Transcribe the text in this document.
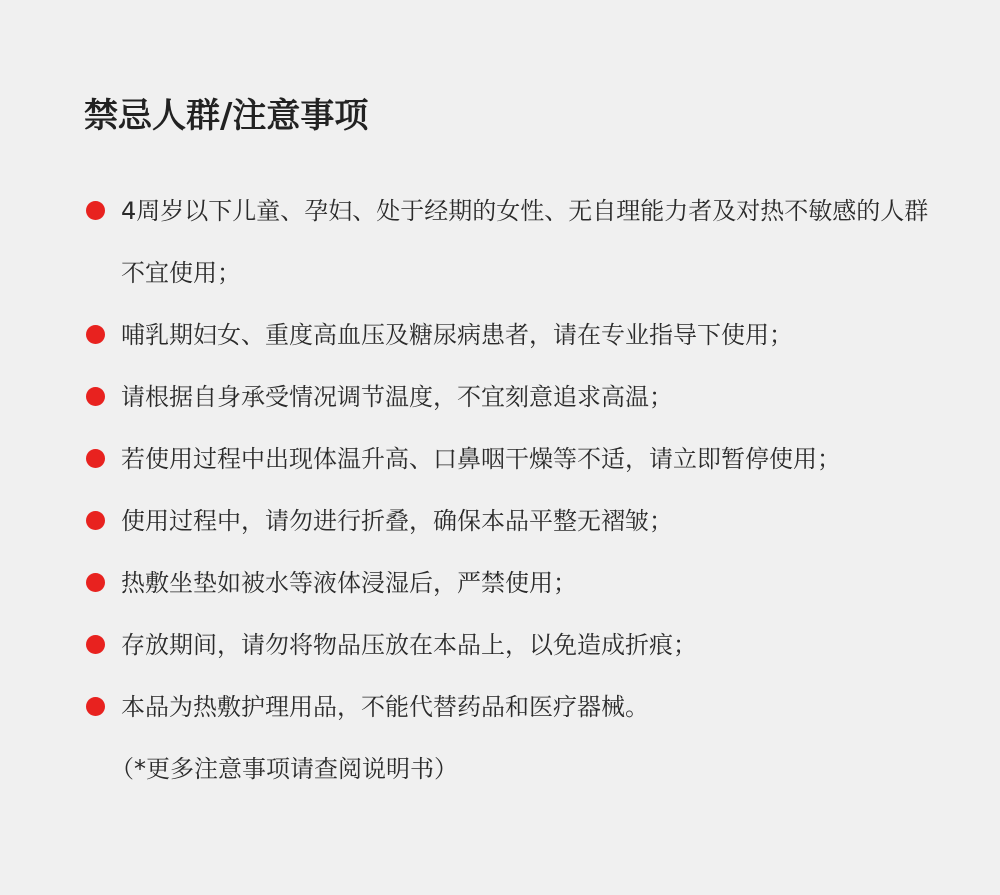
禁忌人群/注意事项
4周岁以下儿童、孕妇、处于经期的女性、无自理能力者及对热不敏感的人群不宜使用；
哺乳期妇女、重度高血压及糖尿病患者，请在专业指导下使用；
请根据自身承受情况调节温度，不宜刻意追求高温；
若使用过程中出现体温升高、口鼻咽干燥等不适，请立即暂停使用；
使用过程中，请勿进行折叠，确保本品平整无褶皱；
热敷坐垫如被水等液体浸湿后，严禁使用；
存放期间，请勿将物品压放在本品上，以免造成折痕；
本品为热敷护理用品，不能代替药品和医疗器械。
（*更多注意事项请查阅说明书）
